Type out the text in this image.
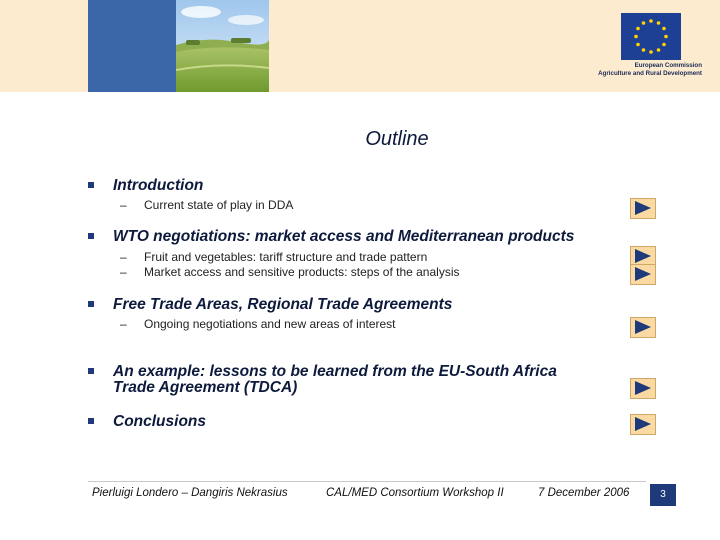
European Commission
Agriculture and Rural Development
Outline
Introduction
– Current state of play in DDA
WTO negotiations: market access and Mediterranean products
– Fruit and vegetables: tariff structure and trade pattern
– Market access and sensitive products: steps of the analysis
Free Trade Areas, Regional Trade Agreements
– Ongoing negotiations and new areas of interest
An example: lessons to be learned from the EU-South Africa
Trade Agreement (TDCA)
Conclusions
Pierluigi Londero – Dangiris Nekrasius	CAL/MED Consortium Workshop II	7 December 2006	3
